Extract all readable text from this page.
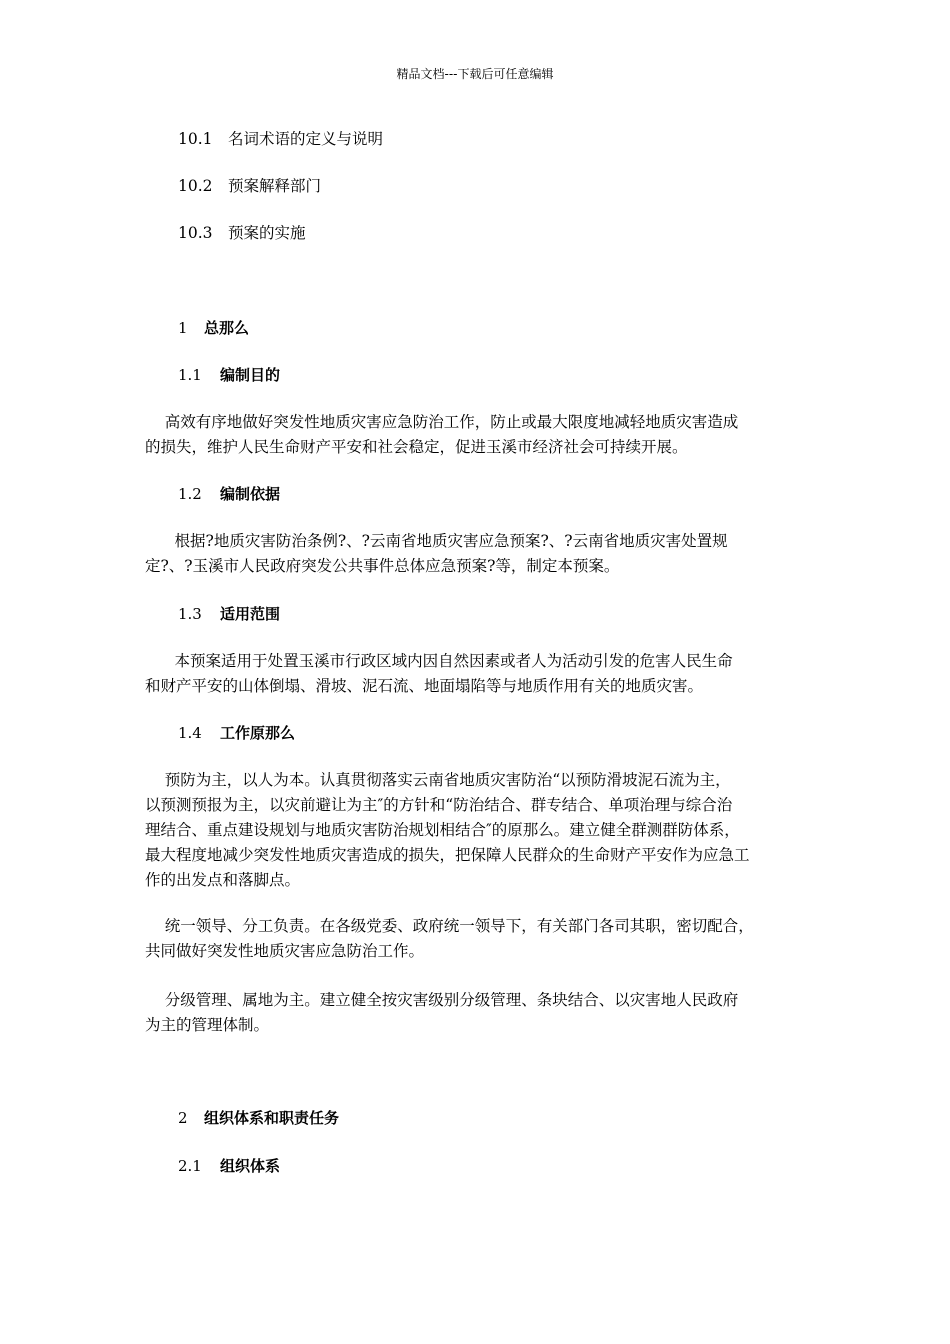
精品文档---下载后可任意编辑
10.1 名词术语的定义与说明
10.2 预案解释部门
10.3 预案的实施
1 总那么
1.1 编制目的
高效有序地做好突发性地质灾害应急防治工作，防止或最大限度地减轻地质灾害造成
的损失，维护人民生命财产平安和社会稳定，促进玉溪市经济社会可持续开展。
1.2 编制依据
根据?地质灾害防治条例?、?云南省地质灾害应急预案?、?云南省地质灾害处置规
定?、?玉溪市人民政府突发公共事件总体应急预案?等，制定本预案。
1.3 适用范围
本预案适用于处置玉溪市行政区域内因自然因素或者人为活动引发的危害人民生命
和财产平安的山体倒塌、滑坡、泥石流、地面塌陷等与地质作用有关的地质灾害。
1.4 工作原那么
预防为主，以人为本。认真贯彻落实云南省地质灾害防治“以预防滑坡泥石流为主，
以预测预报为主，以灾前避让为主″的方针和“防治结合、群专结合、单项治理与综合治
理结合、重点建设规划与地质灾害防治规划相结合″的原那么。建立健全群测群防体系，
最大程度地减少突发性地质灾害造成的损失，把保障人民群众的生命财产平安作为应急工
作的出发点和落脚点。
统一领导、分工负责。在各级党委、政府统一领导下，有关部门各司其职，密切配合，
共同做好突发性地质灾害应急防治工作。
分级管理、属地为主。建立健全按灾害级别分级管理、条块结合、以灾害地人民政府
为主的管理体制。
2 组织体系和职责任务
2.1 组织体系
